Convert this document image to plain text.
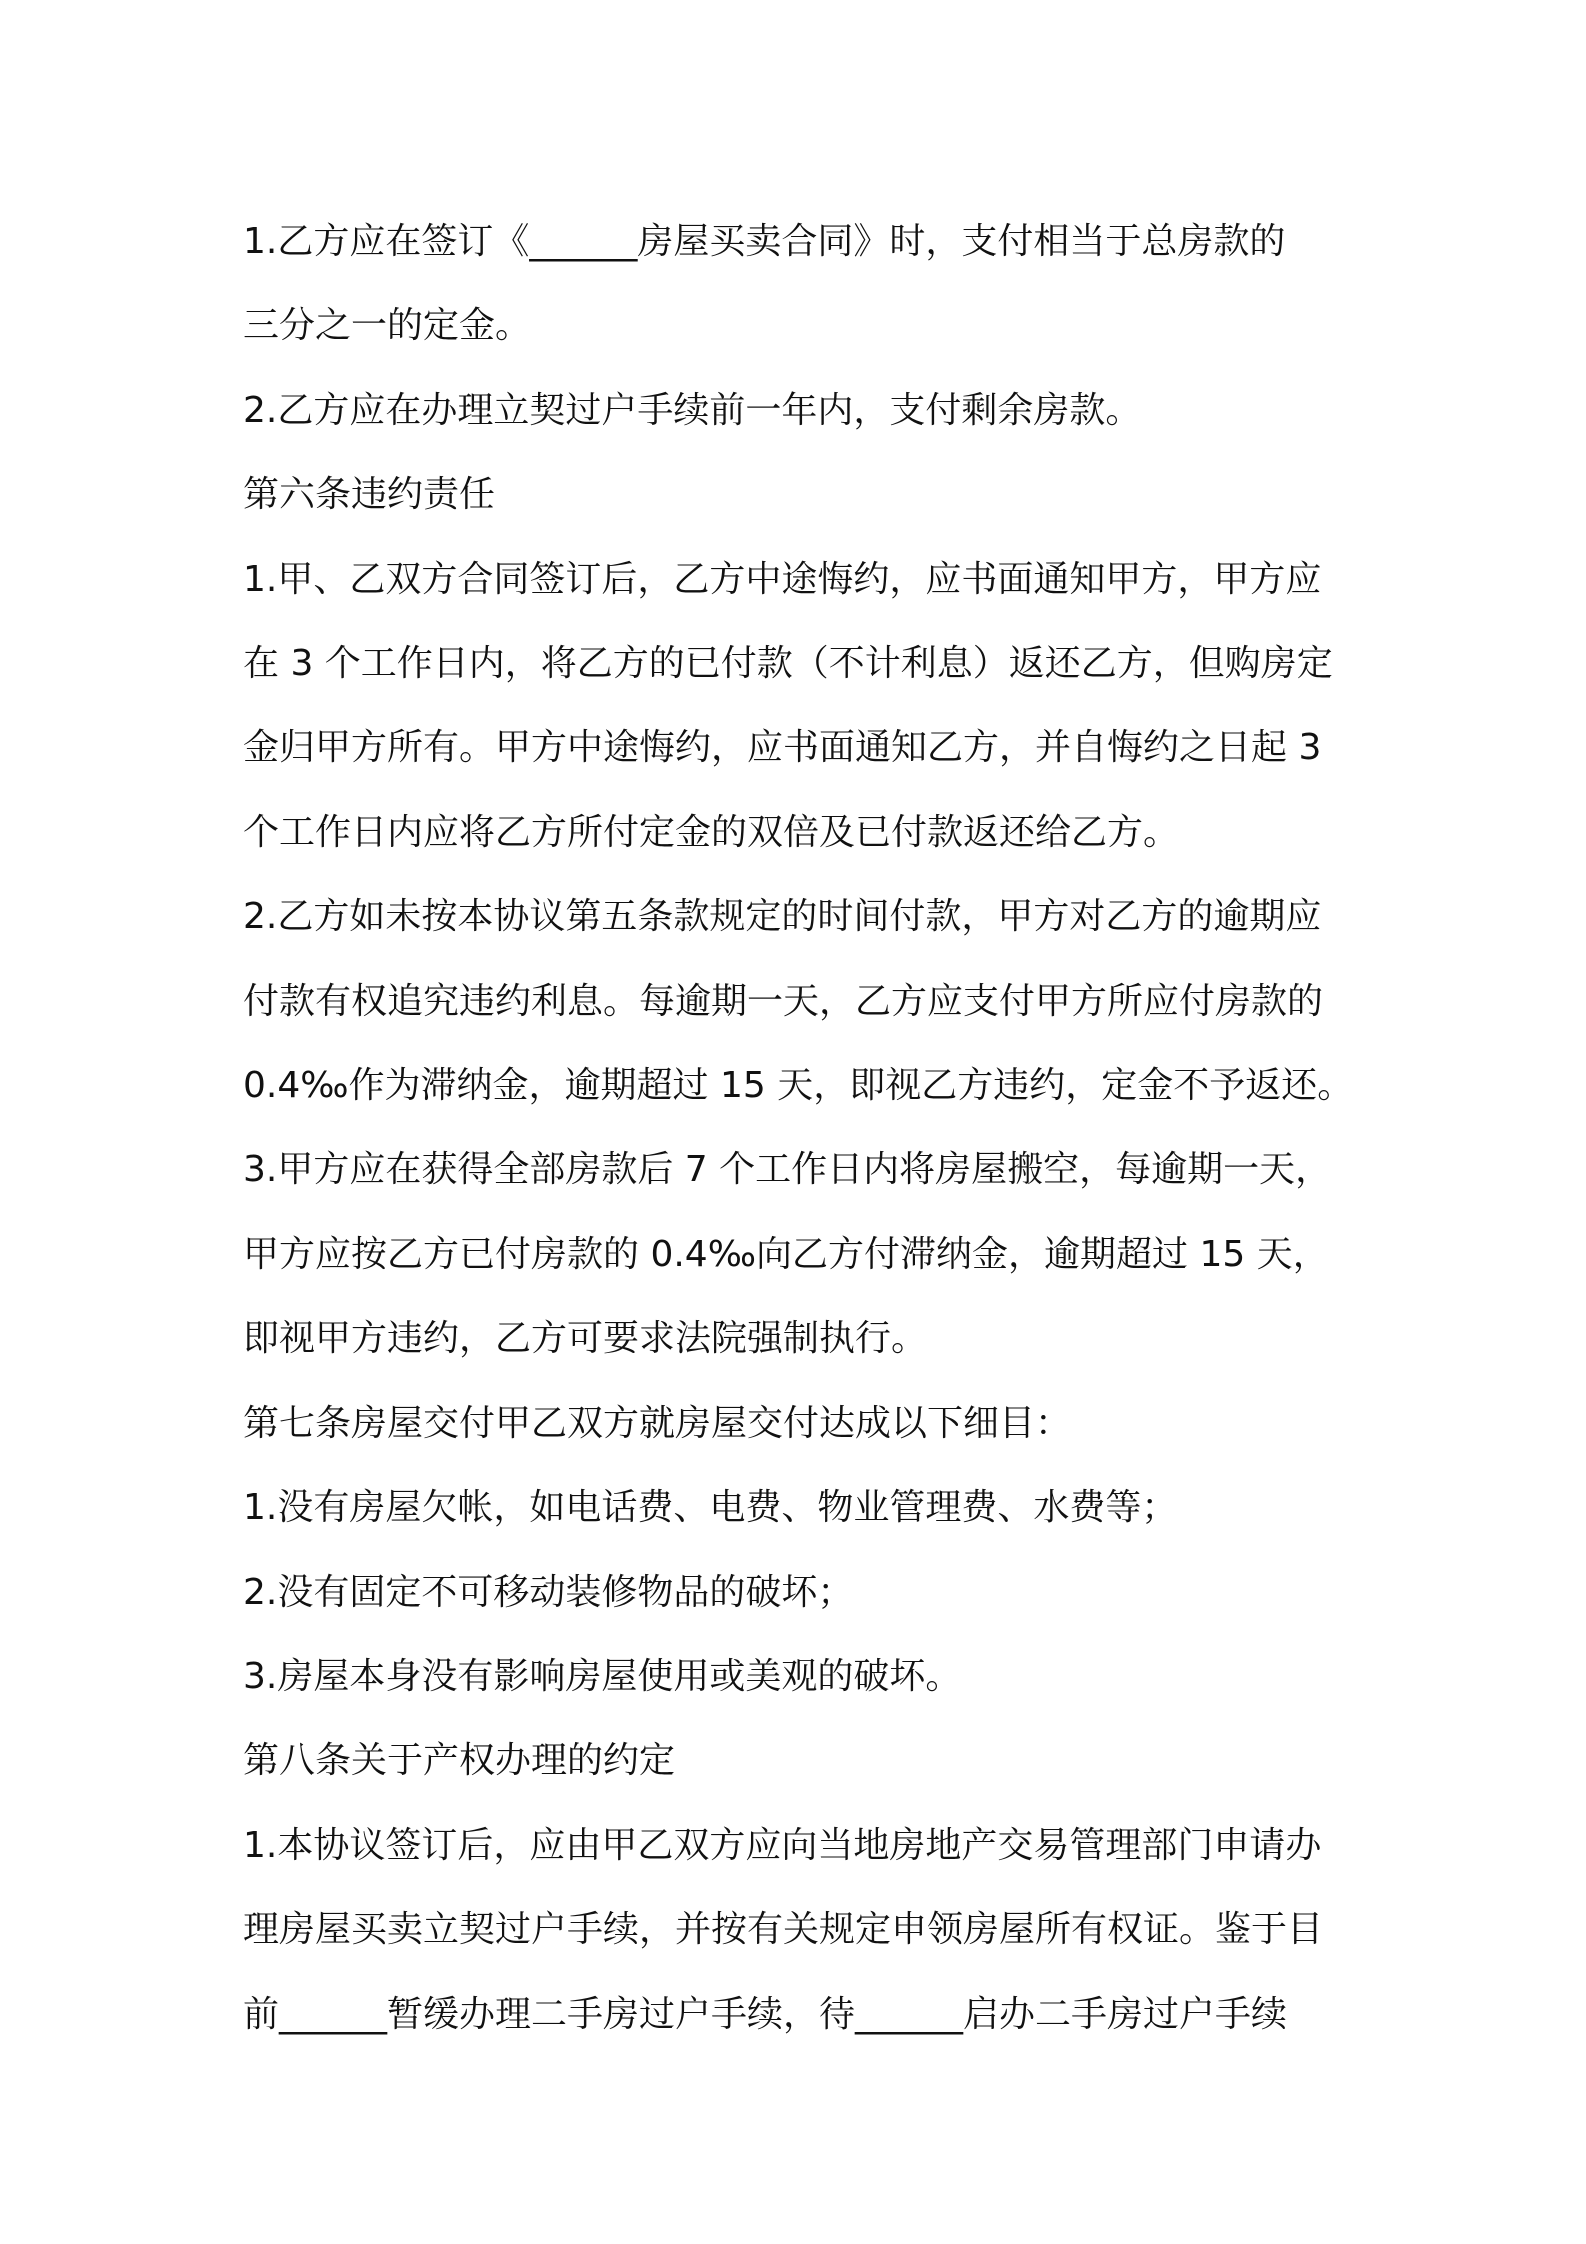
1.乙方应在签订《______房屋买卖合同》时，支付相当于总房款的

三分之一的定金。

2.乙方应在办理立契过户手续前一年内，支付剩余房款。

第六条违约责任

1.甲、乙双方合同签订后，乙方中途悔约，应书面通知甲方，甲方应

在 3 个工作日内，将乙方的已付款（不计利息）返还乙方，但购房定

金归甲方所有。甲方中途悔约，应书面通知乙方，并自悔约之日起 3

个工作日内应将乙方所付定金的双倍及已付款返还给乙方。

2.乙方如未按本协议第五条款规定的时间付款，甲方对乙方的逾期应

付款有权追究违约利息。每逾期一天，乙方应支付甲方所应付房款的

0.4‰作为滞纳金，逾期超过 15 天，即视乙方违约，定金不予返还。

3.甲方应在获得全部房款后 7 个工作日内将房屋搬空，每逾期一天，

甲方应按乙方已付房款的 0.4‰向乙方付滞纳金，逾期超过 15 天，

即视甲方违约，乙方可要求法院强制执行。

第七条房屋交付甲乙双方就房屋交付达成以下细目：

1.没有房屋欠帐，如电话费、电费、物业管理费、水费等；

2.没有固定不可移动装修物品的破坏；

3.房屋本身没有影响房屋使用或美观的破坏。

第八条关于产权办理的约定

1.本协议签订后，应由甲乙双方应向当地房地产交易管理部门申请办

理房屋买卖立契过户手续，并按有关规定申领房屋所有权证。鉴于目

前______暂缓办理二手房过户手续，待______启办二手房过户手续
